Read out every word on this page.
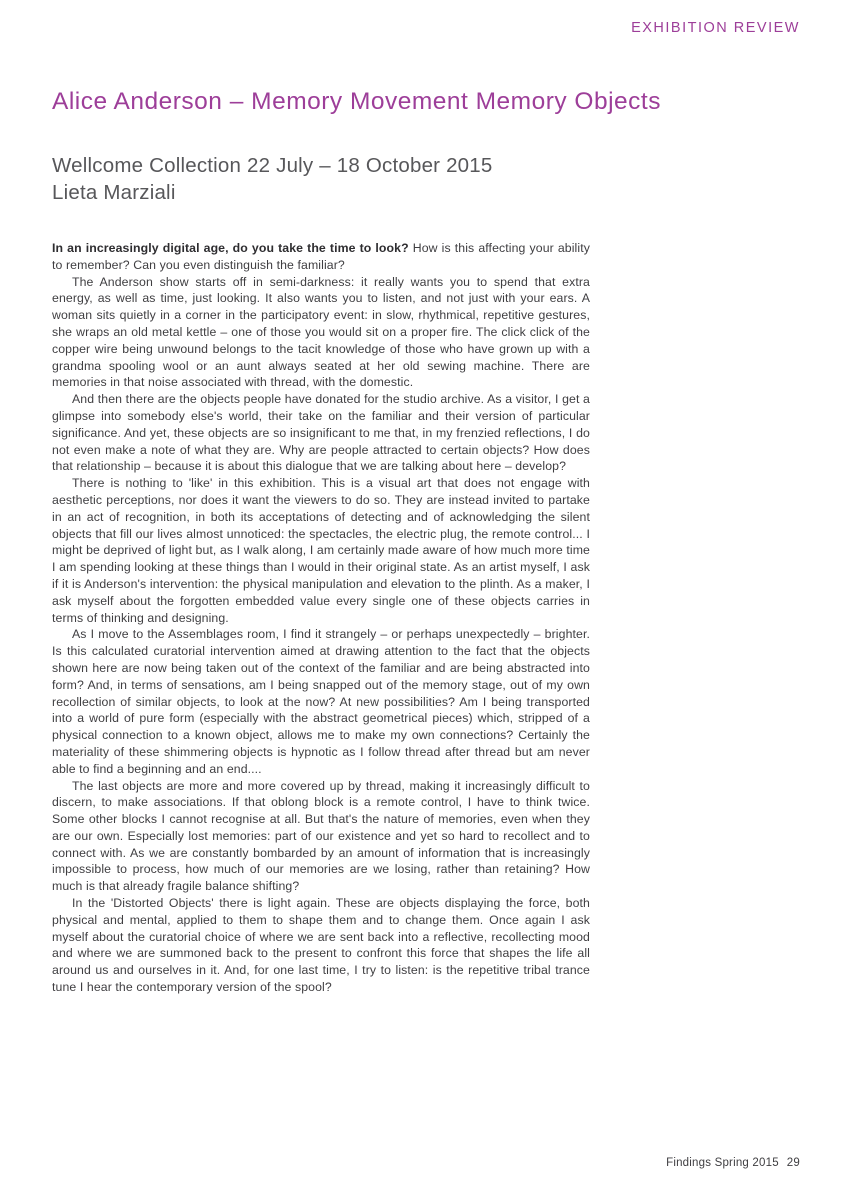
EXHIBITION REVIEW
Alice Anderson – Memory Movement Memory Objects
Wellcome Collection 22 July – 18 October 2015
Lieta Marziali

In an increasingly digital age, do you take the time to look? How is this affecting your ability to remember? Can you even distinguish the familiar?

The Anderson show starts off in semi-darkness: it really wants you to spend that extra energy, as well as time, just looking. It also wants you to listen, and not just with your ears. A woman sits quietly in a corner in the participatory event: in slow, rhythmical, repetitive gestures, she wraps an old metal kettle – one of those you would sit on a proper fire. The click click of the copper wire being unwound belongs to the tacit knowledge of those who have grown up with a grandma spooling wool or an aunt always seated at her old sewing machine. There are memories in that noise associated with thread, with the domestic.

And then there are the objects people have donated for the studio archive. As a visitor, I get a glimpse into somebody else's world, their take on the familiar and their version of particular significance. And yet, these objects are so insignificant to me that, in my frenzied reflections, I do not even make a note of what they are. Why are people attracted to certain objects? How does that relationship – because it is about this dialogue that we are talking about here – develop?

There is nothing to 'like' in this exhibition. This is a visual art that does not engage with aesthetic perceptions, nor does it want the viewers to do so. They are instead invited to partake in an act of recognition, in both its acceptations of detecting and of acknowledging the silent objects that fill our lives almost unnoticed: the spectacles, the electric plug, the remote control... I might be deprived of light but, as I walk along, I am certainly made aware of how much more time I am spending looking at these things than I would in their original state. As an artist myself, I ask if it is Anderson's intervention: the physical manipulation and elevation to the plinth. As a maker, I ask myself about the forgotten embedded value every single one of these objects carries in terms of thinking and designing.

As I move to the Assemblages room, I find it strangely – or perhaps unexpectedly – brighter. Is this calculated curatorial intervention aimed at drawing attention to the fact that the objects shown here are now being taken out of the context of the familiar and are being abstracted into form? And, in terms of sensations, am I being snapped out of the memory stage, out of my own recollection of similar objects, to look at the now? At new possibilities? Am I being transported into a world of pure form (especially with the abstract geometrical pieces) which, stripped of a physical connection to a known object, allows me to make my own connections? Certainly the materiality of these shimmering objects is hypnotic as I follow thread after thread but am never able to find a beginning and an end....

The last objects are more and more covered up by thread, making it increasingly difficult to discern, to make associations. If that oblong block is a remote control, I have to think twice. Some other blocks I cannot recognise at all. But that's the nature of memories, even when they are our own. Especially lost memories: part of our existence and yet so hard to recollect and to connect with. As we are constantly bombarded by an amount of information that is increasingly impossible to process, how much of our memories are we losing, rather than retaining? How much is that already fragile balance shifting?

In the 'Distorted Objects' there is light again. These are objects displaying the force, both physical and mental, applied to them to shape them and to change them. Once again I ask myself about the curatorial choice of where we are sent back into a reflective, recollecting mood and where we are summoned back to the present to confront this force that shapes the life all around us and ourselves in it. And, for one last time, I try to listen: is the repetitive tribal trance tune I hear the contemporary version of the spool?

Findings Spring 2015 29
